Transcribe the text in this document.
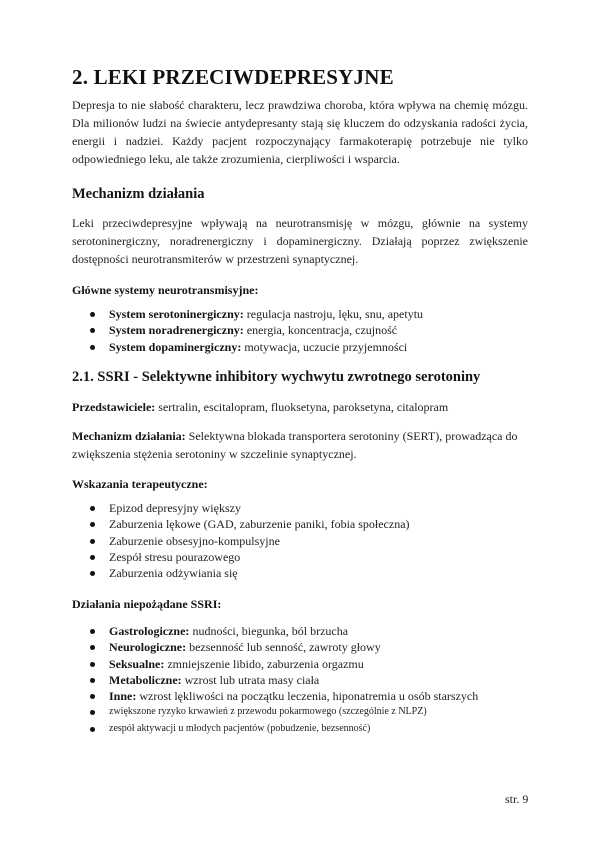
2. LEKI PRZECIWDEPRESYJNE

Depresja to nie słabość charakteru, lecz prawdziwa choroba, która wpływa na chemię mózgu. Dla milionów ludzi na świecie antydepresanty stają się kluczem do odzyskania radości życia, energii i nadziei. Każdy pacjent rozpoczynający farmakoterapię potrzebuje nie tylko odpowiedniego leku, ale także zrozumienia, cierpliwości i wsparcia.

Mechanizm działania

Leki przeciwdepresyjne wpływają na neurotransmisję w mózgu, głównie na systemy serotoninergiczny, noradrenergiczny i dopaminergiczny. Działają poprzez zwiększenie dostępności neurotransmiterów w przestrzeni synaptycznej.

Główne systemy neurotransmisyjne:

System serotoninergiczny: regulacja nastroju, lęku, snu, apetytu
System noradrenergiczny: energia, koncentracja, czujność
System dopaminergiczny: motywacja, uczucie przyjemności
2.1. SSRI - Selektywne inhibitory wychwytu zwrotnego serotoniny

Przedstawiciele: sertralin, escitalopram, fluoksetyna, paroksetyna, citalopram

Mechanizm działania: Selektywna blokada transportera serotoniny (SERT), prowadząca do
zwiększenia stężenia serotoniny w szczelinie synaptycznej.

Wskazania terapeutyczne:

Epizod depresyjny większy
Zaburzenia lękowe (GAD, zaburzenie paniki, fobia społeczna)
Zaburzenie obsesyjno-kompulsyjne
Zespół stresu pourazowego
Zaburzenia odżywiania się

Działania niepożądane SSRI:

Gastrologiczne: nudności, biegunka, ból brzucha
Neurologiczne: bezsenność lub senność, zawroty głowy
Seksualne: zmniejszenie libido, zaburzenia orgazmu
Metaboliczne: wzrost lub utrata masy ciała
Inne: wzrost lękliwości na początku leczenia, hiponatremia u osób starszych
zwiększone ryzyko krwawień z przewodu pokarmowego (szczególnie z NLPZ)
zespół aktywacji u młodych pacjentów (pobudzenie, bezsenność)
str. 9
